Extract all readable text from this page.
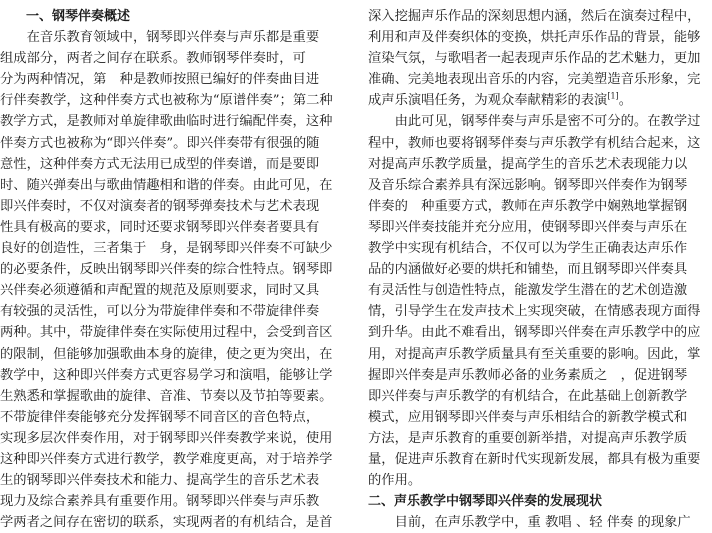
一、钢琴伴奏概述
在音乐教育领域中，钢琴即兴伴奏与声乐都是重要
组成部分，两者之间存在联系。教师钢琴伴奏时，可
分为两种情况，第　种是教师按照已编好的伴奏曲目进
行伴奏教学，这种伴奏方式也被称为“原谱伴奏”；第二种
教学方式，是教师对单旋律歌曲临时进行编配伴奏，这种
伴奏方式也被称为“即兴伴奏”。即兴伴奏带有很强的随
意性，这种伴奏方式无法用已成型的伴奏谱，而是要即
时、随兴弹奏出与歌曲情趣相和谐的伴奏。由此可见，在
即兴伴奏时，不仅对演奏者的钢琴弹奏技术与艺术表现
性具有极高的要求，同时还要求钢琴即兴伴奏者要具有
良好的创造性，三者集于　身，是钢琴即兴伴奏不可缺少
的必要条件，反映出钢琴即兴伴奏的综合性特点。钢琴即
兴伴奏必须遵循和声配置的规范及原则要求，同时又具
有较强的灵活性，可以分为带旋律伴奏和不带旋律伴奏
两种。其中，带旋律伴奏在实际使用过程中，会受到音区
的限制，但能够加强歌曲本身的旋律，使之更为突出，在
教学中，这种即兴伴奏方式更容易学习和演唱，能够让学
生熟悉和掌握歌曲的旋律、音准、节奏以及节拍等要素。
不带旋律伴奏能够充分发挥钢琴不同音区的音色特点，
实现多层次伴奏作用，对于钢琴即兴伴奏教学来说，使用
这种即兴伴奏方式进行教学，教学难度更高，对于培养学
生的钢琴即兴伴奏技术和能力、提高学生的音乐艺术表
现力及综合素养具有重要作用。钢琴即兴伴奏与声乐教
学两者之间存在密切的联系，实现两者的有机结合，是首
深入挖掘声乐作品的深刻思想内涵，然后在演奏过程中，
利用和声及伴奏织体的变换，烘托声乐作品的背景，能够
渲染气氛，与歌唱者一起表现声乐作品的艺术魅力，更加
准确、完美地表现出音乐的内容，完美塑造音乐形象，完
成声乐演唱任务，为观众奉献精彩的表演[1]。
由此可见，钢琴伴奏与声乐是密不可分的。在教学过
程中，教师也要将钢琴伴奏与声乐教学有机结合起来，这
对提高声乐教学质量，提高学生的音乐艺术表现能力以
及音乐综合素养具有深远影响。钢琴即兴伴奏作为钢琴
伴奏的　种重要方式，教师在声乐教学中娴熟地掌握钢
琴即兴伴奏技能并充分应用，使钢琴即兴伴奏与声乐在
教学中实现有机结合，不仅可以为学生正确表达声乐作
品的内涵做好必要的烘托和铺垫，而且钢琴即兴伴奏具
有灵活性与创造性特点，能激发学生潜在的艺术创造激
情，引导学生在发声技术上实现突破，在情感表现方面得
到升华。由此不难看出，钢琴即兴伴奏在声乐教学中的应
用，对提高声乐教学质量具有至关重要的影响。因此，掌
握即兴伴奏是声乐教师必备的业务素质之　，促进钢琴
即兴伴奏与声乐教学的有机结合，在此基础上创新教学
模式，应用钢琴即兴伴奏与声乐相结合的新教学模式和
方法，是声乐教育的重要创新举措，对提高声乐教学质
量，促进声乐教育在新时代实现新发展，都具有极为重要
的作用。
二、声乐教学中钢琴即兴伴奏的发展现状
目前，在声乐教学中，重 教唱 、轻 伴奏 的现象广
